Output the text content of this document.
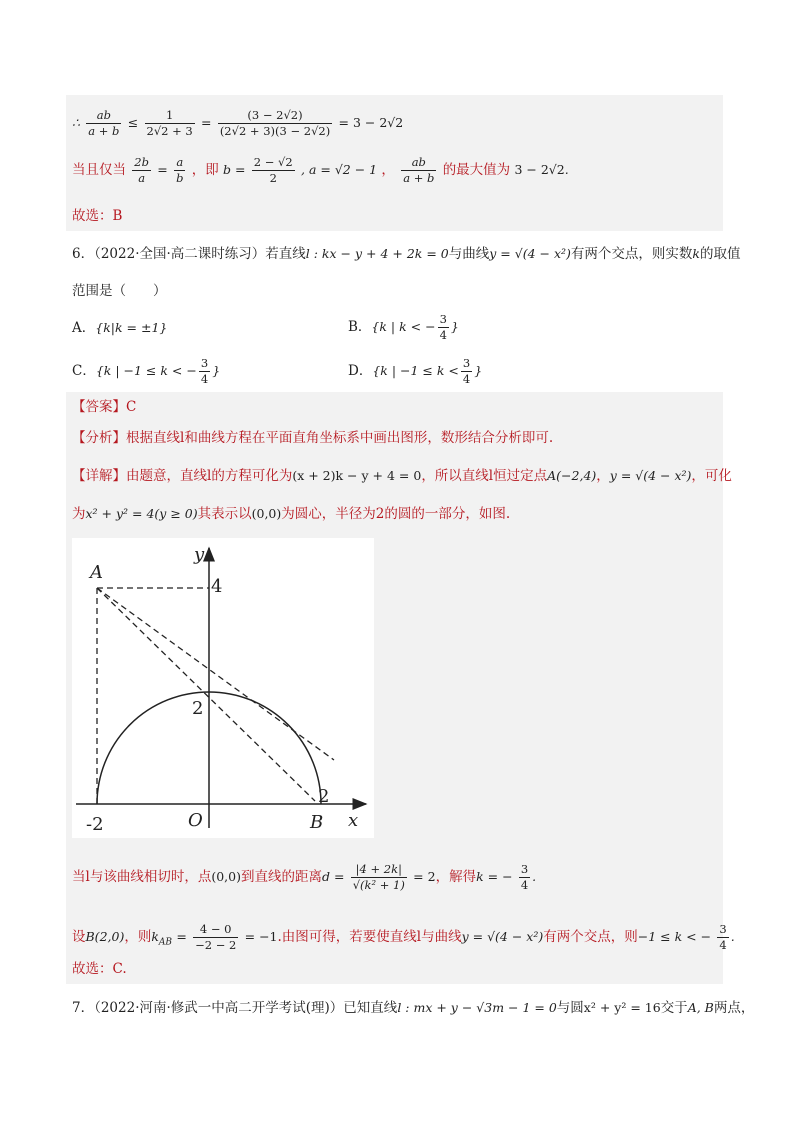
∴ $\frac{ab}{a + b} \le \frac{1}{2√2 + 3} = \frac{(3 - 2√2)}{(2√2 + 3)(3 - 2√2)} = 3 - 2√2$
当且仅当 $\frac{2b}{a} = \frac{a}{b}$ ，即 $b = \frac{2 - √2}{2}$ , a = √2 − 1 ， $\frac{ab}{a + b}$ 的最大值为 3 − 2√2.
故选：B
6．（2022·全国·高二课时练习）若直线l : kx − y + 4 + 2k = 0与曲线y = √(4 − x²)有两个交点，则实数k的取值
范围是（　　）
A．{k|k = ±1}	B．{k | k < − $\frac{3}{4}$ }
C．{k | −1 ≤ k < − $\frac{3}{4}$ }	D．{k | $-1 \le k < \frac{3}{4}$ }
【答案】C
【分析】根据直线l和曲线方程在平面直角坐标系中画出图形，数形结合分析即可.
【详解】由题意，直线l的方程可化为(x + 2)k − y + 4 = 0，所以直线l恒过定点A(−2,4)，y = √(4 − x²)，可化
为x² + y² = 4(y ≥ 0)其表示以(0,0)为圆心，半径为2的圆的一部分，如图.
y
A
4
2
2
-2	O	B x
当l与该曲线相切时，点(0,0)到直线的距离$d = \frac{|4 + 2k|}{\text{√(k² + 1)}} = 2$，解得k = − $\frac{3}{4}$ .
设B(2,0)，则$k_{AB} = \frac{4 - 0}{-2 - 2} = -1$.由图可得，若要使直线l与曲线y = √(4 − x²)有两个交点，则−1 ≤ k < − $\frac{3}{4}$ .
故选：C.
7．（2022·河南·修武一中高二开学考试(理)）已知直线l : mx + y − √3m − 1 = 0与圆x² + y² = 16交于A, B两点，
